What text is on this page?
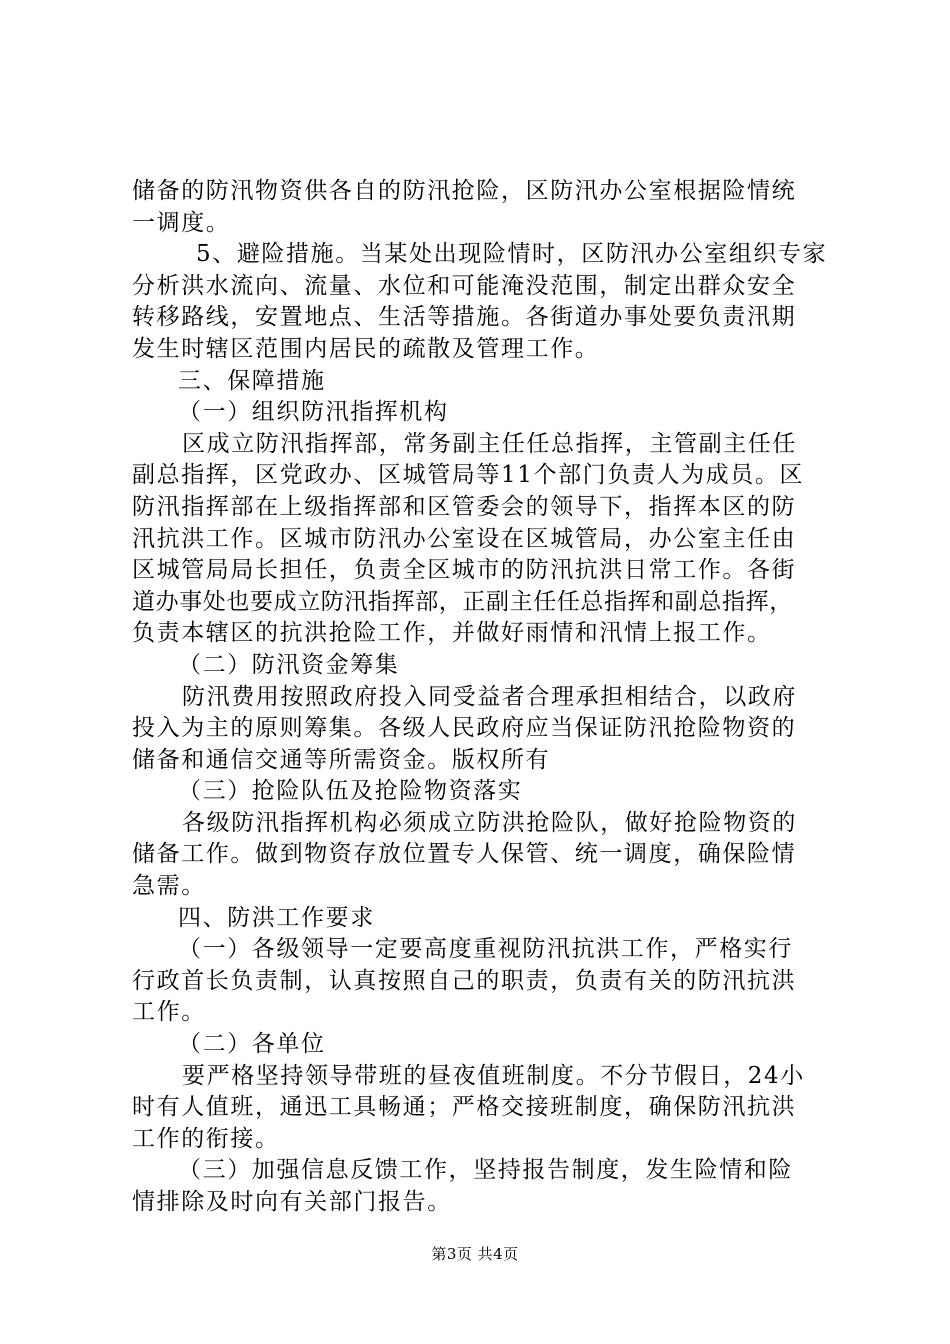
储备的防汛物资供各自的防汛抢险，区防汛办公室根据险情统
一调度。
5、避险措施。当某处出现险情时，区防汛办公室组织专家
分析洪水流向、流量、水位和可能淹没范围，制定出群众安全
转移路线，安置地点、生活等措施。各街道办事处要负责汛期
发生时辖区范围内居民的疏散及管理工作。
三、保障措施
（一）组织防汛指挥机构
区成立防汛指挥部，常务副主任任总指挥，主管副主任任
副总指挥，区党政办、区城管局等11个部门负责人为成员。区
防汛指挥部在上级指挥部和区管委会的领导下，指挥本区的防
汛抗洪工作。区城市防汛办公室设在区城管局，办公室主任由
区城管局局长担任，负责全区城市的防汛抗洪日常工作。各街
道办事处也要成立防汛指挥部，正副主任任总指挥和副总指挥，
负责本辖区的抗洪抢险工作，并做好雨情和汛情上报工作。
（二）防汛资金筹集
防汛费用按照政府投入同受益者合理承担相结合，以政府
投入为主的原则筹集。各级人民政府应当保证防汛抢险物资的
储备和通信交通等所需资金。版权所有
（三）抢险队伍及抢险物资落实
各级防汛指挥机构必须成立防洪抢险队，做好抢险物资的
储备工作。做到物资存放位置专人保管、统一调度，确保险情
急需。
四、防洪工作要求
（一）各级领导一定要高度重视防汛抗洪工作，严格实行
行政首长负责制，认真按照自己的职责，负责有关的防汛抗洪
工作。
（二）各单位
要严格坚持领导带班的昼夜值班制度。不分节假日，24小
时有人值班，通迅工具畅通；严格交接班制度，确保防汛抗洪
工作的衔接。
（三）加强信息反馈工作，坚持报告制度，发生险情和险
情排除及时向有关部门报告。
第3页 共4页
